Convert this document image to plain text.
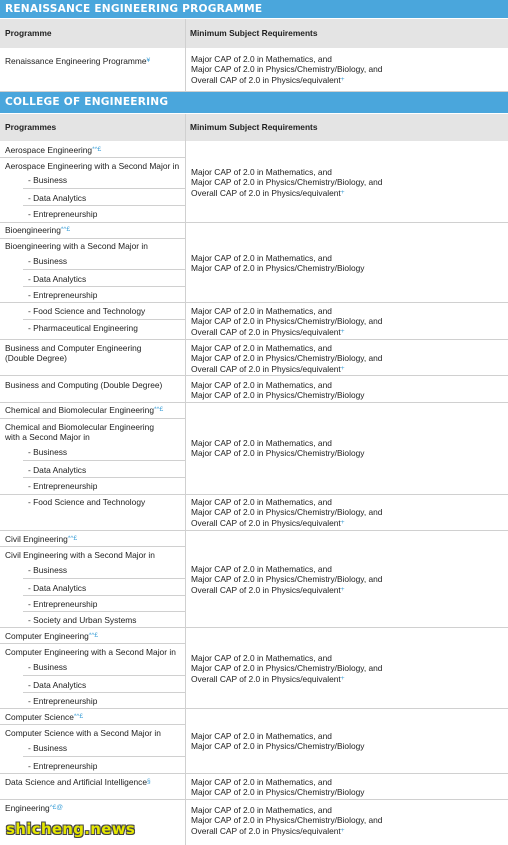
RENAISSANCE ENGINEERING PROGRAMME
COLLEGE OF ENGINEERING
Programme	Minimum Subject Requirements
Programmes	Minimum Subject Requirements
Renaissance Engineering Programme¥
Aerospace Engineering*^£
Aerospace Engineering with a Second Major in
- Business
- Data Analytics
- Entrepreneurship
Bioengineering*^£
Bioengineering with a Second Major in
- Business
- Data Analytics
- Entrepreneurship
- Food Science and Technology
- Pharmaceutical Engineering
Business and Computer Engineering
(Double Degree)
Business and Computing (Double Degree)
Chemical and Biomolecular Engineering*^£
Chemical and Biomolecular Engineering
with a Second Major in
- Business
- Data Analytics
- Entrepreneurship
- Food Science and Technology
Civil Engineering*^£
Civil Engineering with a Second Major in
- Business
- Data Analytics
- Entrepreneurship
- Society and Urban Systems
Computer Engineering*^£
Computer Engineering with a Second Major in
- Business
- Data Analytics
- Entrepreneurship
Computer Science*^£
Computer Science with a Second Major in
- Business
- Entrepreneurship
Data Science and Artificial Intelligence§
Engineering^£@
Major CAP of 2.0 in Mathematics, and
Major CAP of 2.0 in Physics/Chemistry/Biology, and
Overall CAP of 2.0 in Physics/equivalent+
Major CAP of 2.0 in Mathematics, and
Major CAP of 2.0 in Physics/Chemistry/Biology, and
Overall CAP of 2.0 in Physics/equivalent+
Major CAP of 2.0 in Mathematics, and
Major CAP of 2.0 in Physics/Chemistry/Biology
Major CAP of 2.0 in Mathematics, and
Major CAP of 2.0 in Physics/Chemistry/Biology, and
Overall CAP of 2.0 in Physics/equivalent+
Major CAP of 2.0 in Mathematics, and
Major CAP of 2.0 in Physics/Chemistry/Biology, and
Overall CAP of 2.0 in Physics/equivalent+
Major CAP of 2.0 in Mathematics, and
Major CAP of 2.0 in Physics/Chemistry/Biology
Major CAP of 2.0 in Mathematics, and
Major CAP of 2.0 in Physics/Chemistry/Biology
Major CAP of 2.0 in Mathematics, and
Major CAP of 2.0 in Physics/Chemistry/Biology, and
Overall CAP of 2.0 in Physics/equivalent+
Major CAP of 2.0 in Mathematics, and
Major CAP of 2.0 in Physics/Chemistry/Biology, and
Overall CAP of 2.0 in Physics/equivalent+
Major CAP of 2.0 in Mathematics, and
Major CAP of 2.0 in Physics/Chemistry/Biology, and
Overall CAP of 2.0 in Physics/equivalent+
Major CAP of 2.0 in Mathematics, and
Major CAP of 2.0 in Physics/Chemistry/Biology
Major CAP of 2.0 in Mathematics, and
Major CAP of 2.0 in Physics/Chemistry/Biology
Major CAP of 2.0 in Mathematics, and
Major CAP of 2.0 in Physics/Chemistry/Biology, and
Overall CAP of 2.0 in Physics/equivalent+
shicheng.news
